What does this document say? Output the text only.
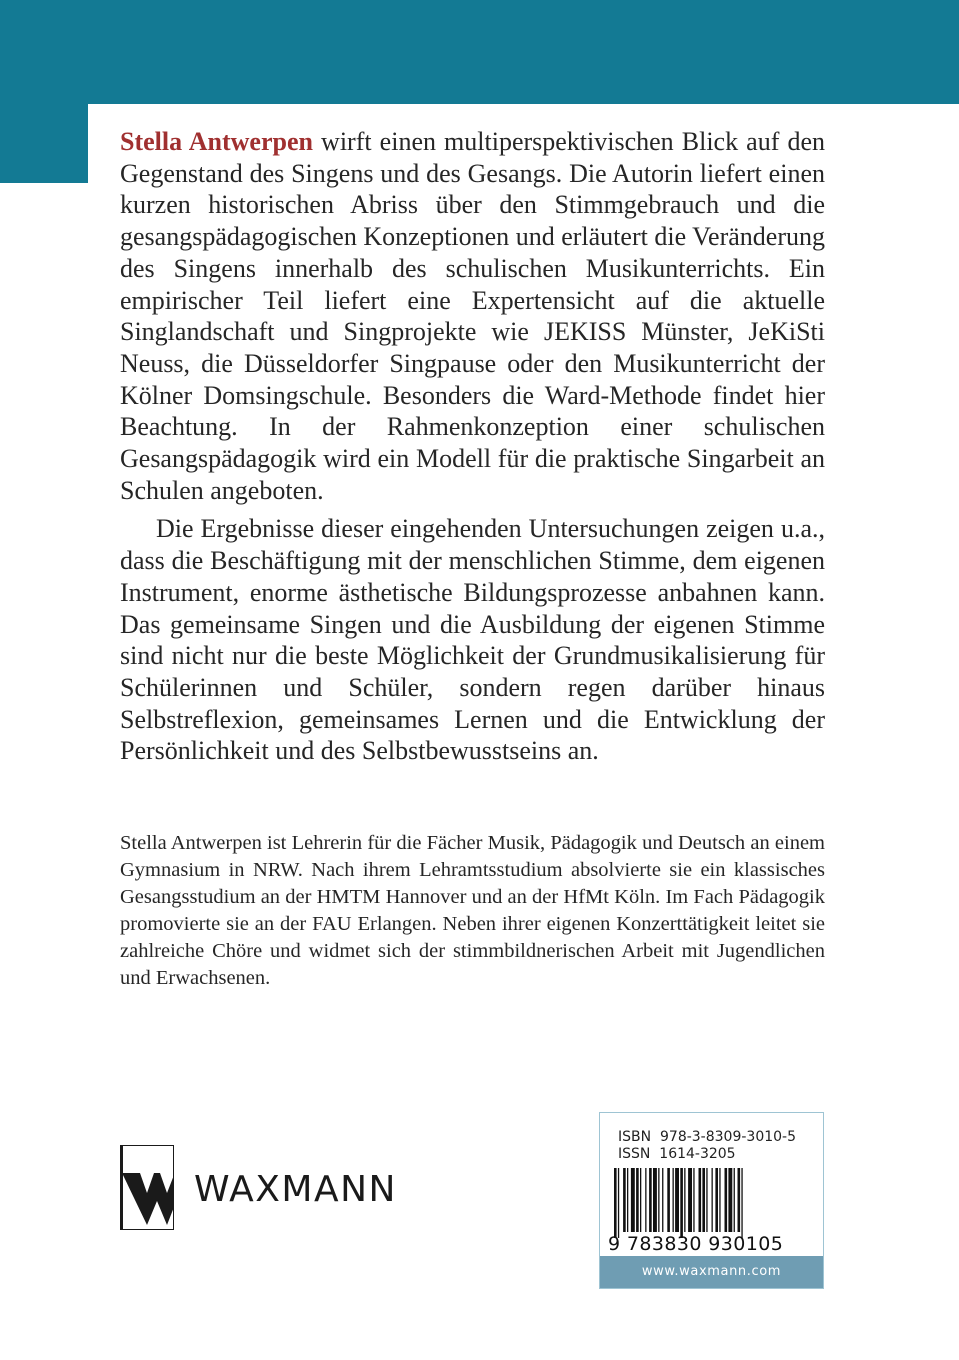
Stella Antwerpen wirft einen multiperspektivischen Blick auf den Gegenstand des Singens und des Gesangs. Die Autorin liefert einen kurzen historischen Abriss über den Stimmgebrauch und die gesangspädagogischen Konzeptionen und erläutert die Veränderung des Singens innerhalb des schulischen Musikunterrichts. Ein empirischer Teil liefert eine Expertensicht auf die aktuelle Singlandschaft und Singprojekte wie JEKISS Münster, JeKiSti Neuss, die Düsseldorfer Singpause oder den Musikunterricht der Kölner Domsingschule. Besonders die Ward-Methode findet hier Beachtung. In der Rahmenkonzeption einer schulischen Gesangspädagogik wird ein Modell für die praktische Singarbeit an Schulen angeboten.

Die Ergebnisse dieser eingehenden Untersuchungen zeigen u.a., dass die Beschäftigung mit der menschlichen Stimme, dem eigenen Instrument, enorme ästhetische Bildungsprozesse anbahnen kann. Das gemeinsame Singen und die Ausbildung der eigenen Stimme sind nicht nur die beste Möglichkeit der Grundmusikalisierung für Schülerinnen und Schüler, sondern regen darüber hinaus Selbstreflexion, gemeinsames Lernen und die Entwicklung der Persönlichkeit und des Selbstbewusstseins an.

Stella Antwerpen ist Lehrerin für die Fächer Musik, Pädagogik und Deutsch an einem Gymnasium in NRW. Nach ihrem Lehramtsstudium absolvierte sie ein klassisches Gesangsstudium an der HMTM Hannover und an der HfMt Köln. Im Fach Pädagogik promovierte sie an der FAU Erlangen. Neben ihrer eigenen Konzerttätigkeit leitet sie zahlreiche Chöre und widmet sich der stimmbildnerischen Arbeit mit Jugendlichen und Erwachsenen.

WAXMANN
ISBN 978-3-8309-3010-5
ISSN 1614-3205
9 783830 930105
www.waxmann.com
